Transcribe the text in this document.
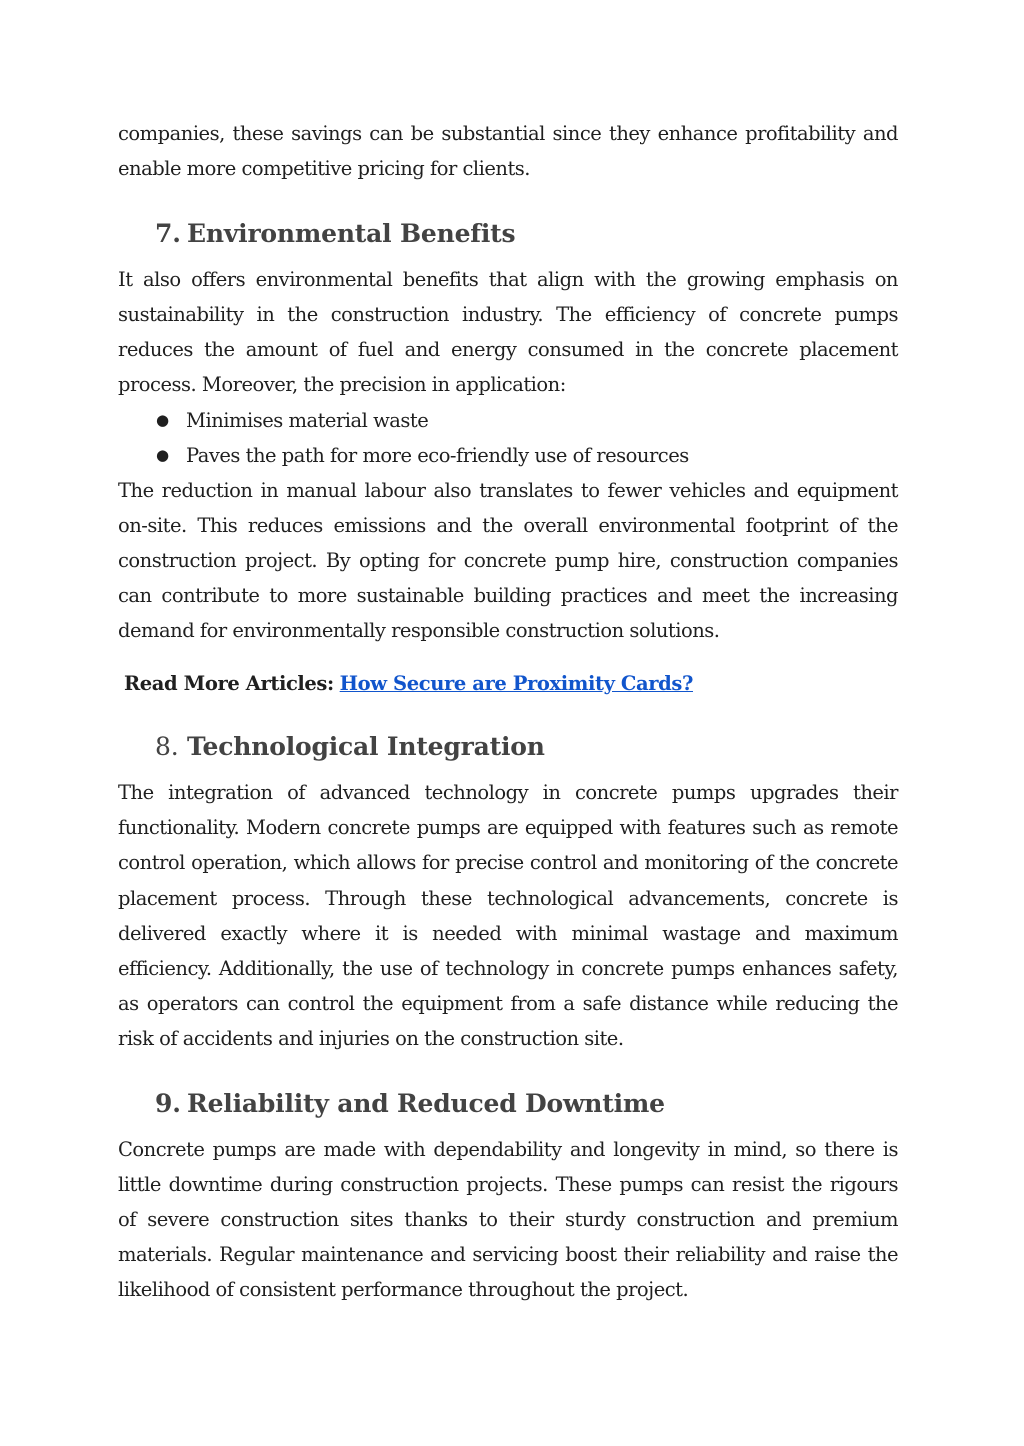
companies, these savings can be substantial since they enhance profitability and enable more competitive pricing for clients.

7. Environmental Benefits

It also offers environmental benefits that align with the growing emphasis on sustainability in the construction industry. The efficiency of concrete pumps reduces the amount of fuel and energy consumed in the concrete placement process. Moreover, the precision in application:

● Minimises material waste
● Paves the path for more eco-friendly use of resources

The reduction in manual labour also translates to fewer vehicles and equipment on-site. This reduces emissions and the overall environmental footprint of the construction project. By opting for concrete pump hire, construction companies can contribute to more sustainable building practices and meet the increasing demand for environmentally responsible construction solutions.

Read More Articles: How Secure are Proximity Cards?
8. Technological Integration

The integration of advanced technology in concrete pumps upgrades their functionality. Modern concrete pumps are equipped with features such as remote control operation, which allows for precise control and monitoring of the concrete placement process. Through these technological advancements, concrete is delivered exactly where it is needed with minimal wastage and maximum efficiency. Additionally, the use of technology in concrete pumps enhances safety, as operators can control the equipment from a safe distance while reducing the risk of accidents and injuries on the construction site.

9. Reliability and Reduced Downtime

Concrete pumps are made with dependability and longevity in mind, so there is little downtime during construction projects. These pumps can resist the rigours of severe construction sites thanks to their sturdy construction and premium materials. Regular maintenance and servicing boost their reliability and raise the likelihood of consistent performance throughout the project.
